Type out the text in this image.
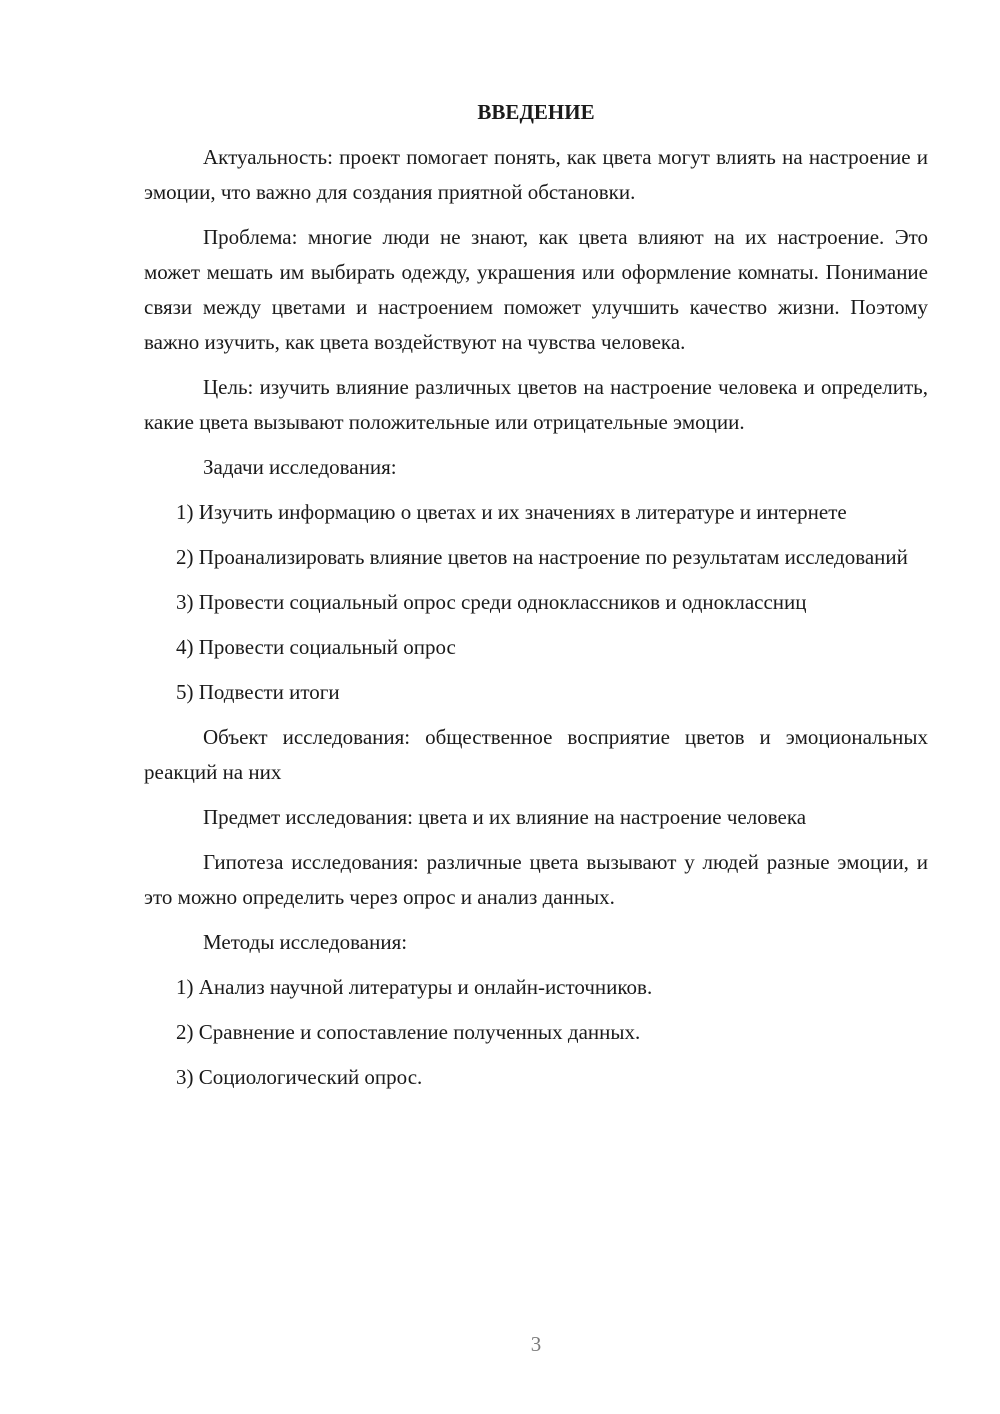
ВВЕДЕНИЕ

Актуальность: проект помогает понять, как цвета могут влиять на настроение и эмоции, что важно для создания приятной обстановки.

Проблема: многие люди не знают, как цвета влияют на их настроение. Это может мешать им выбирать одежду, украшения или оформление комнаты. Понимание связи между цветами и настроением поможет улучшить качество жизни. Поэтому важно изучить, как цвета воздействуют на чувства человека.

Цель: изучить влияние различных цветов на настроение человека и определить, какие цвета вызывают положительные или отрицательные эмоции.

Задачи исследования:

1) Изучить информацию о цветах и их значениях в литературе и интернете

2) Проанализировать влияние цветов на настроение по результатам исследований

3) Провести социальный опрос среди одноклассников и одноклассниц

4) Провести социальный опрос

5) Подвести итоги

Объект исследования: общественное восприятие цветов и эмоциональных реакций на них

Предмет исследования: цвета и их влияние на настроение человека

Гипотеза исследования: различные цвета вызывают у людей разные эмоции, и это можно определить через опрос и анализ данных.

Методы исследования:

1) Анализ научной литературы и онлайн-источников.

2) Сравнение и сопоставление полученных данных.

3) Социологический опрос.

3
